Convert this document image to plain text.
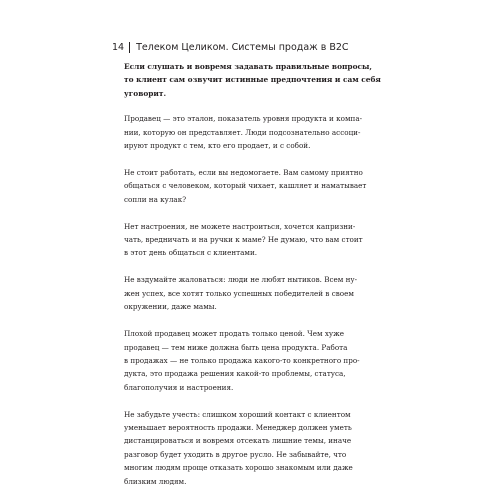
14 Телеком Целиком. Системы продаж в B2C

Если слушать и вовремя задавать правильные вопросы,
то клиент сам озвучит истинные предпочтения и сам себя
уговорит.

Продавец — это эталон, показатель уровня продукта и компа-
нии, которую он представляет. Люди подсознательно ассоци-
ируют продукт с тем, кто его продает, и с собой.

Не стоит работать, если вы недомогаете. Вам самому приятно
общаться с человеком, который чихает, кашляет и наматывает
сопли на кулак?

Нет настроения, не можете настроиться, хочется капризни-
чать, вредничать и на ручки к маме? Не думаю, что вам стоит
в этот день общаться с клиентами.

Не вздумайте жаловаться: люди не любят нытиков. Всем ну-
жен успех, все хотят только успешных победителей в своем
окружении, даже мамы.

Плохой продавец может продать только ценой. Чем хуже
продавец — тем ниже должна быть цена продукта. Работа
в продажах — не только продажа какого-то конкретного про-
дукта, это продажа решения какой-то проблемы, статуса,
благополучия и настроения.

Не забудьте учесть: слишком хороший контакт с клиентом
уменьшает вероятность продажи. Менеджер должен уметь
дистанцироваться и вовремя отсекать лишние темы, иначе
разговор будет уходить в другое русло. Не забывайте, что
многим людям проще отказать хорошо знакомым или даже
близким людям.
